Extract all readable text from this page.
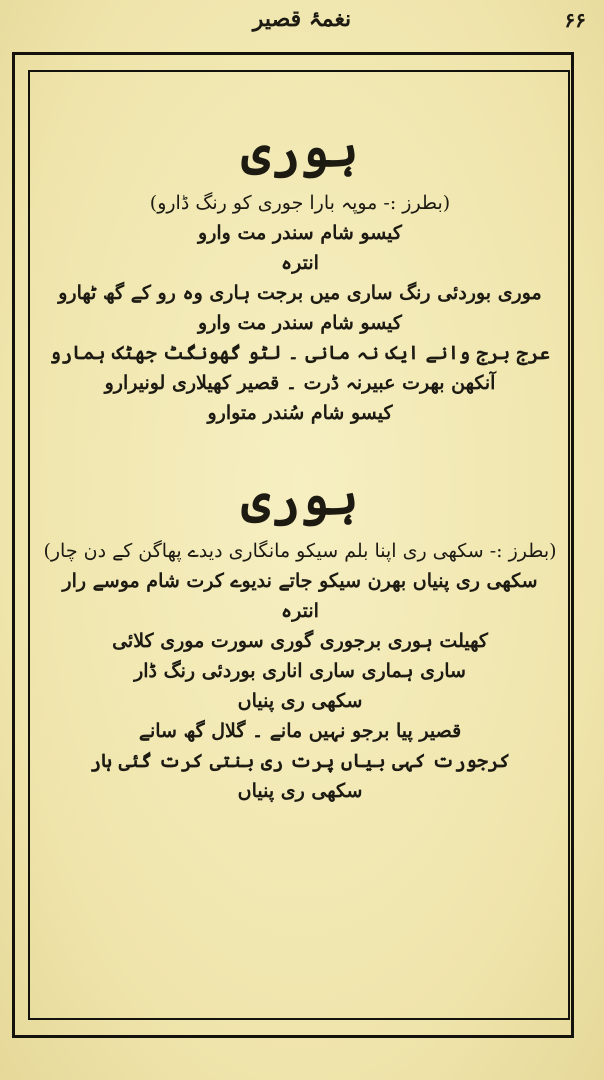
نغمۂ قصیر	۶۶

ہوری

(بطرز :- موپہ بارا جوری کو رنگ ڈارو)

کیسو شام سندر مت وارو

انترہ

موری بوردئی رنگ ساری میں برجت ہاری وہ رو کے گھ ٹھارو

کیسو شام سندر مت وارو

عرج برج وانے ایک نہ مانی ۔ لٹو گھونگٹ جھٹک ہمارو

آنکھن بھرت عبیرنہ ڈرت ۔ قصیر کھیلاری لونیرارو

کیسو شام سُندر متوارو

ہوری

(بطرز :- سکھی ری اپنا بلم سیکو مانگاری دیدے پھاگن کے دن چار)

سکھی ری پنیاں بھرن سیکو جاتے ندیوے کرت شام موسے رار

انترہ

کھیلت ہوری برجوری گوری سورت موری کلائی

ساری ہماری ساری اناری بوردئی رنگ ڈار

سکھی ری پنیاں

قصیر پیا برجو نہیں مانے ۔ گلال گھ سانے

کرجورت کہی بیاں پرت ری بنتی کرت گئی ہار

سکھی ری پنیاں
